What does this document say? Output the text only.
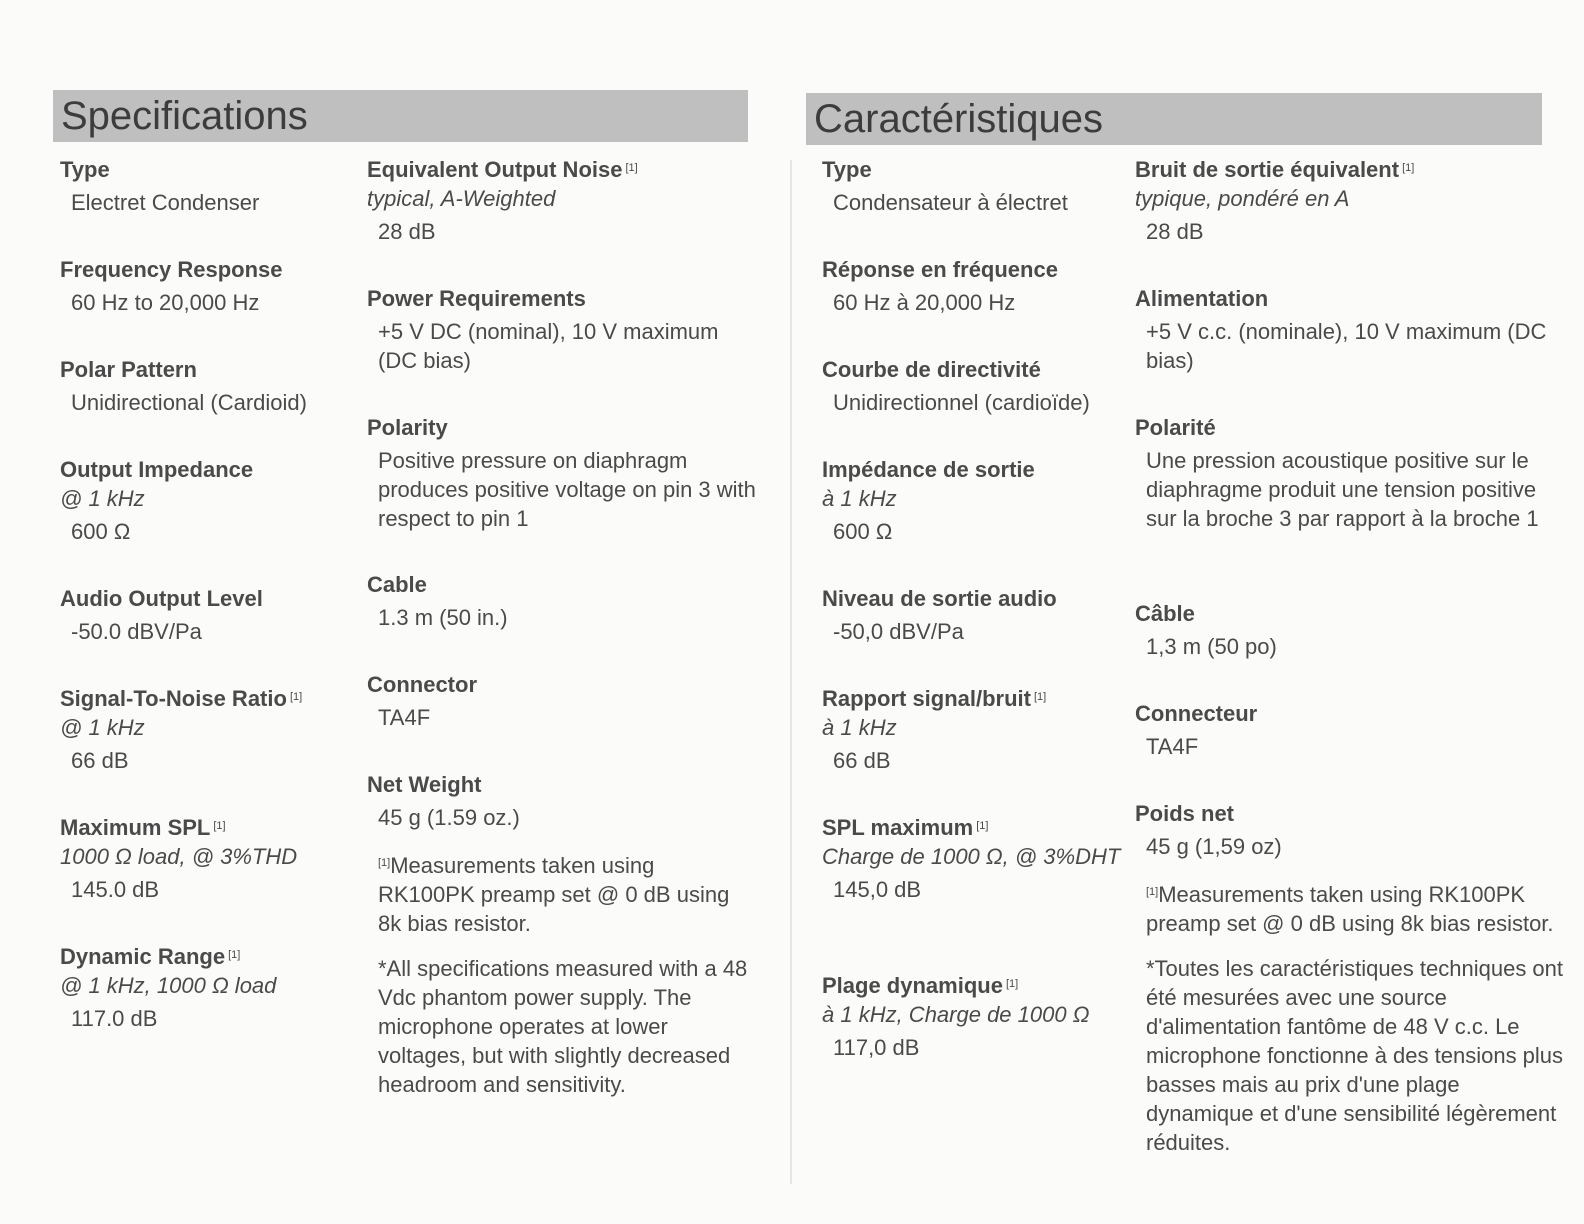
Specifications
Type
Electret Condenser
Frequency Response
60 Hz to 20,000 Hz
Polar Pattern
Unidirectional (Cardioid)
Output Impedance
@ 1 kHz
600 Ω
Audio Output Level
-50.0 dBV/Pa
Signal-To-Noise Ratio [1]
@ 1 kHz
66 dB
Maximum SPL [1]
1000 Ω load, @ 3%THD
145.0 dB
Dynamic Range [1]
@ 1 kHz, 1000 Ω load
117.0 dB
Equivalent Output Noise [1]
typical, A-Weighted
28 dB
Power Requirements
+5 V DC (nominal), 10 V maximum (DC bias)
Polarity
Positive pressure on diaphragm produces positive voltage on pin 3 with respect to pin 1
Cable
1.3 m (50 in.)
Connector
TA4F
Net Weight
45 g (1.59 oz.)
[1]Measurements taken using RK100PK preamp set @ 0 dB using 8k bias resistor.
*All specifications measured with a 48 Vdc phantom power supply. The microphone operates at lower voltages, but with slightly decreased headroom and sensitivity.
Caractéristiques
Type
Condensateur à électret
Réponse en fréquence
60 Hz à 20,000 Hz
Courbe de directivité
Unidirectionnel (cardioïde)
Impédance de sortie
à 1 kHz
600 Ω
Niveau de sortie audio
-50,0 dBV/Pa
Rapport signal/bruit [1]
à 1 kHz
66 dB
SPL maximum [1]
Charge de 1000 Ω, @ 3%DHT
145,0 dB
Plage dynamique [1]
à 1 kHz, Charge de 1000 Ω
117,0 dB
Bruit de sortie équivalent [1]
typique, pondéré en A
28 dB
Alimentation
+5 V c.c. (nominale), 10 V maximum (DC bias)
Polarité
Une pression acoustique positive sur le diaphragme produit une tension positive sur la broche 3 par rapport à la broche 1
Câble
1,3 m (50 po)
Connecteur
TA4F
Poids net
45 g (1,59 oz)
[1]Measurements taken using RK100PK preamp set @ 0 dB using 8k bias resistor.
*Toutes les caractéristiques techniques ont été mesurées avec une source d'alimentation fantôme de 48 V c.c. Le microphone fonctionne à des tensions plus basses mais au prix d'une plage dynamique et d'une sensibilité légèrement réduites.
